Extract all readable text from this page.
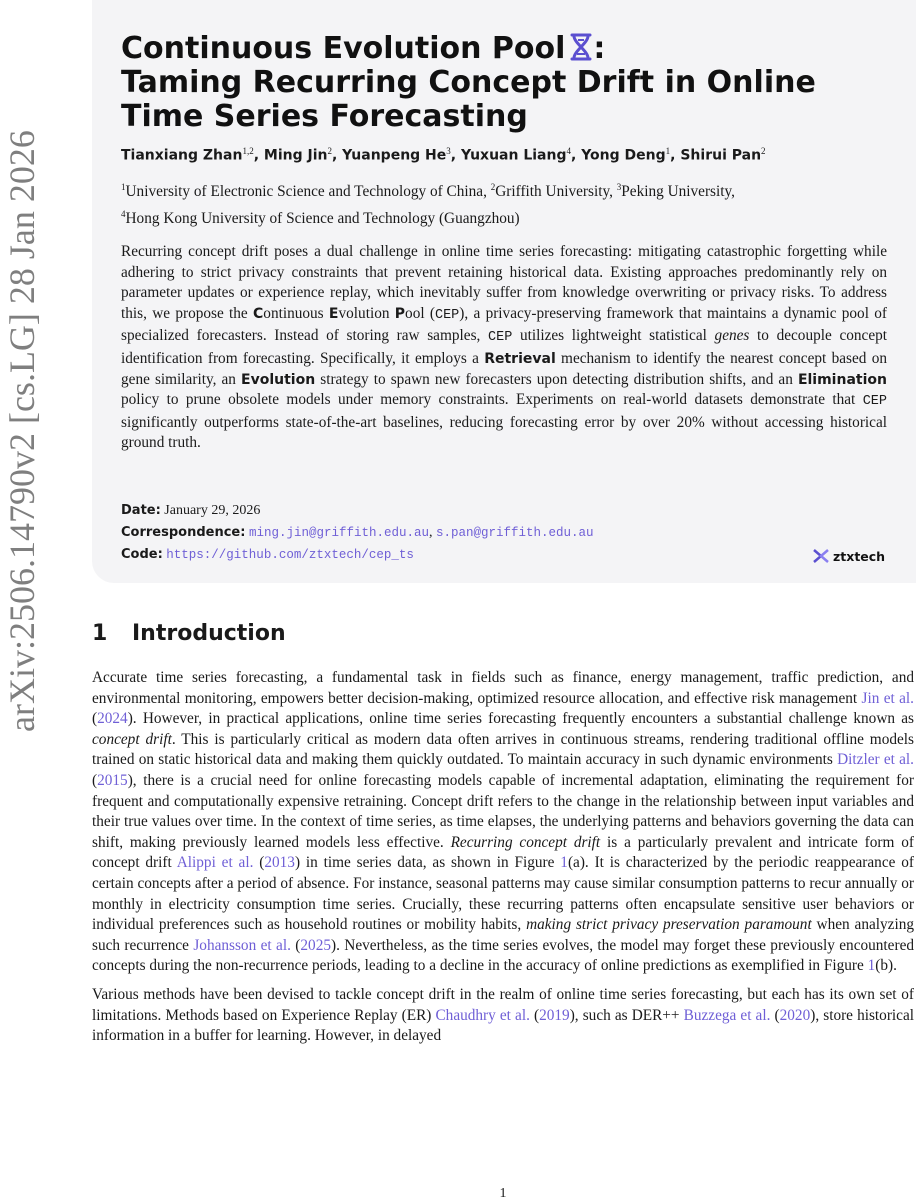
arXiv:2506.14790v2 [cs.LG] 28 Jan 2026
Continuous Evolution Pool :
Taming Recurring Concept Drift in Online
Time Series Forecasting
Tianxiang Zhan$^{1,2}$, Ming Jin$^2$, Yuanpeng He$^3$, Yuxuan Liang$^4$, Yong Deng$^1$, Shirui Pan$^2$
$^1$University of Electronic Science and Technology of China, $^2$Griffith University, $^3$Peking University,
$^4$Hong Kong University of Science and Technology (Guangzhou)
Recurring concept drift poses a dual challenge in online time series forecasting: mitigating catastrophic forgetting while adhering to strict privacy constraints that prevent retaining historical data. Existing approaches predominantly rely on parameter updates or experience replay, which inevitably suffer from knowledge overwriting or privacy risks. To address this, we propose the Continuous Evolution Pool (CEP), a privacy-preserving framework that maintains a dynamic pool of specialized forecasters. Instead of storing raw samples, CEP utilizes lightweight statistical genes to decouple concept identification from forecasting. Specifically, it employs a Retrieval mechanism to identify the nearest concept based on gene similarity, an Evolution strategy to spawn new forecasters upon detecting distribution shifts, and an Elimination policy to prune obsolete models under memory constraints. Experiments on real-world datasets demonstrate that CEP significantly outperforms state-of-the-art baselines, reducing forecasting error by over 20% without accessing historical ground truth.
Date: January 29, 2026
Correspondence: ming.jin@griffith.edu.au, s.pan@griffith.edu.au
Code: https://github.com/ztxtech/cep_ts	ztxtech
1 Introduction

Accurate time series forecasting, a fundamental task in fields such as finance, energy management, traffic prediction, and environmental monitoring, empowers better decision-making, optimized resource allocation, and effective risk management Jin et al. (2024). However, in practical applications, online time series forecasting frequently encounters a substantial challenge known as concept drift. This is particularly critical as modern data often arrives in continuous streams, rendering traditional offline models trained on static historical data and making them quickly outdated. To maintain accuracy in such dynamic environments Ditzler et al. (2015), there is a crucial need for online forecasting models capable of incremental adaptation, eliminating the requirement for frequent and computationally expensive retraining. Concept drift refers to the change in the relationship between input variables and their true values over time. In the context of time series, as time elapses, the underlying patterns and behaviors governing the data can shift, making previously learned models less effective. Recurring concept drift is a particularly prevalent and intricate form of concept drift Alippi et al. (2013) in time series data, as shown in Figure 1(a). It is characterized by the periodic reappearance of certain concepts after a period of absence. For instance, seasonal patterns may cause similar consumption patterns to recur annually or monthly in electricity consumption time series. Crucially, these recurring patterns often encapsulate sensitive user behaviors or individual preferences such as household routines or mobility habits, making strict privacy preservation paramount when analyzing such recurrence Johansson et al. (2025). Nevertheless, as the time series evolves, the model may forget these previously encountered concepts during the non-recurrence periods, leading to a decline in the accuracy of online predictions as exemplified in Figure 1(b).

Various methods have been devised to tackle concept drift in the realm of online time series forecasting, but each has its own set of limitations. Methods based on Experience Replay (ER) Chaudhry et al. (2019), such as DER++ Buzzega et al. (2020), store historical information in a buffer for learning. However, in delayed

1
